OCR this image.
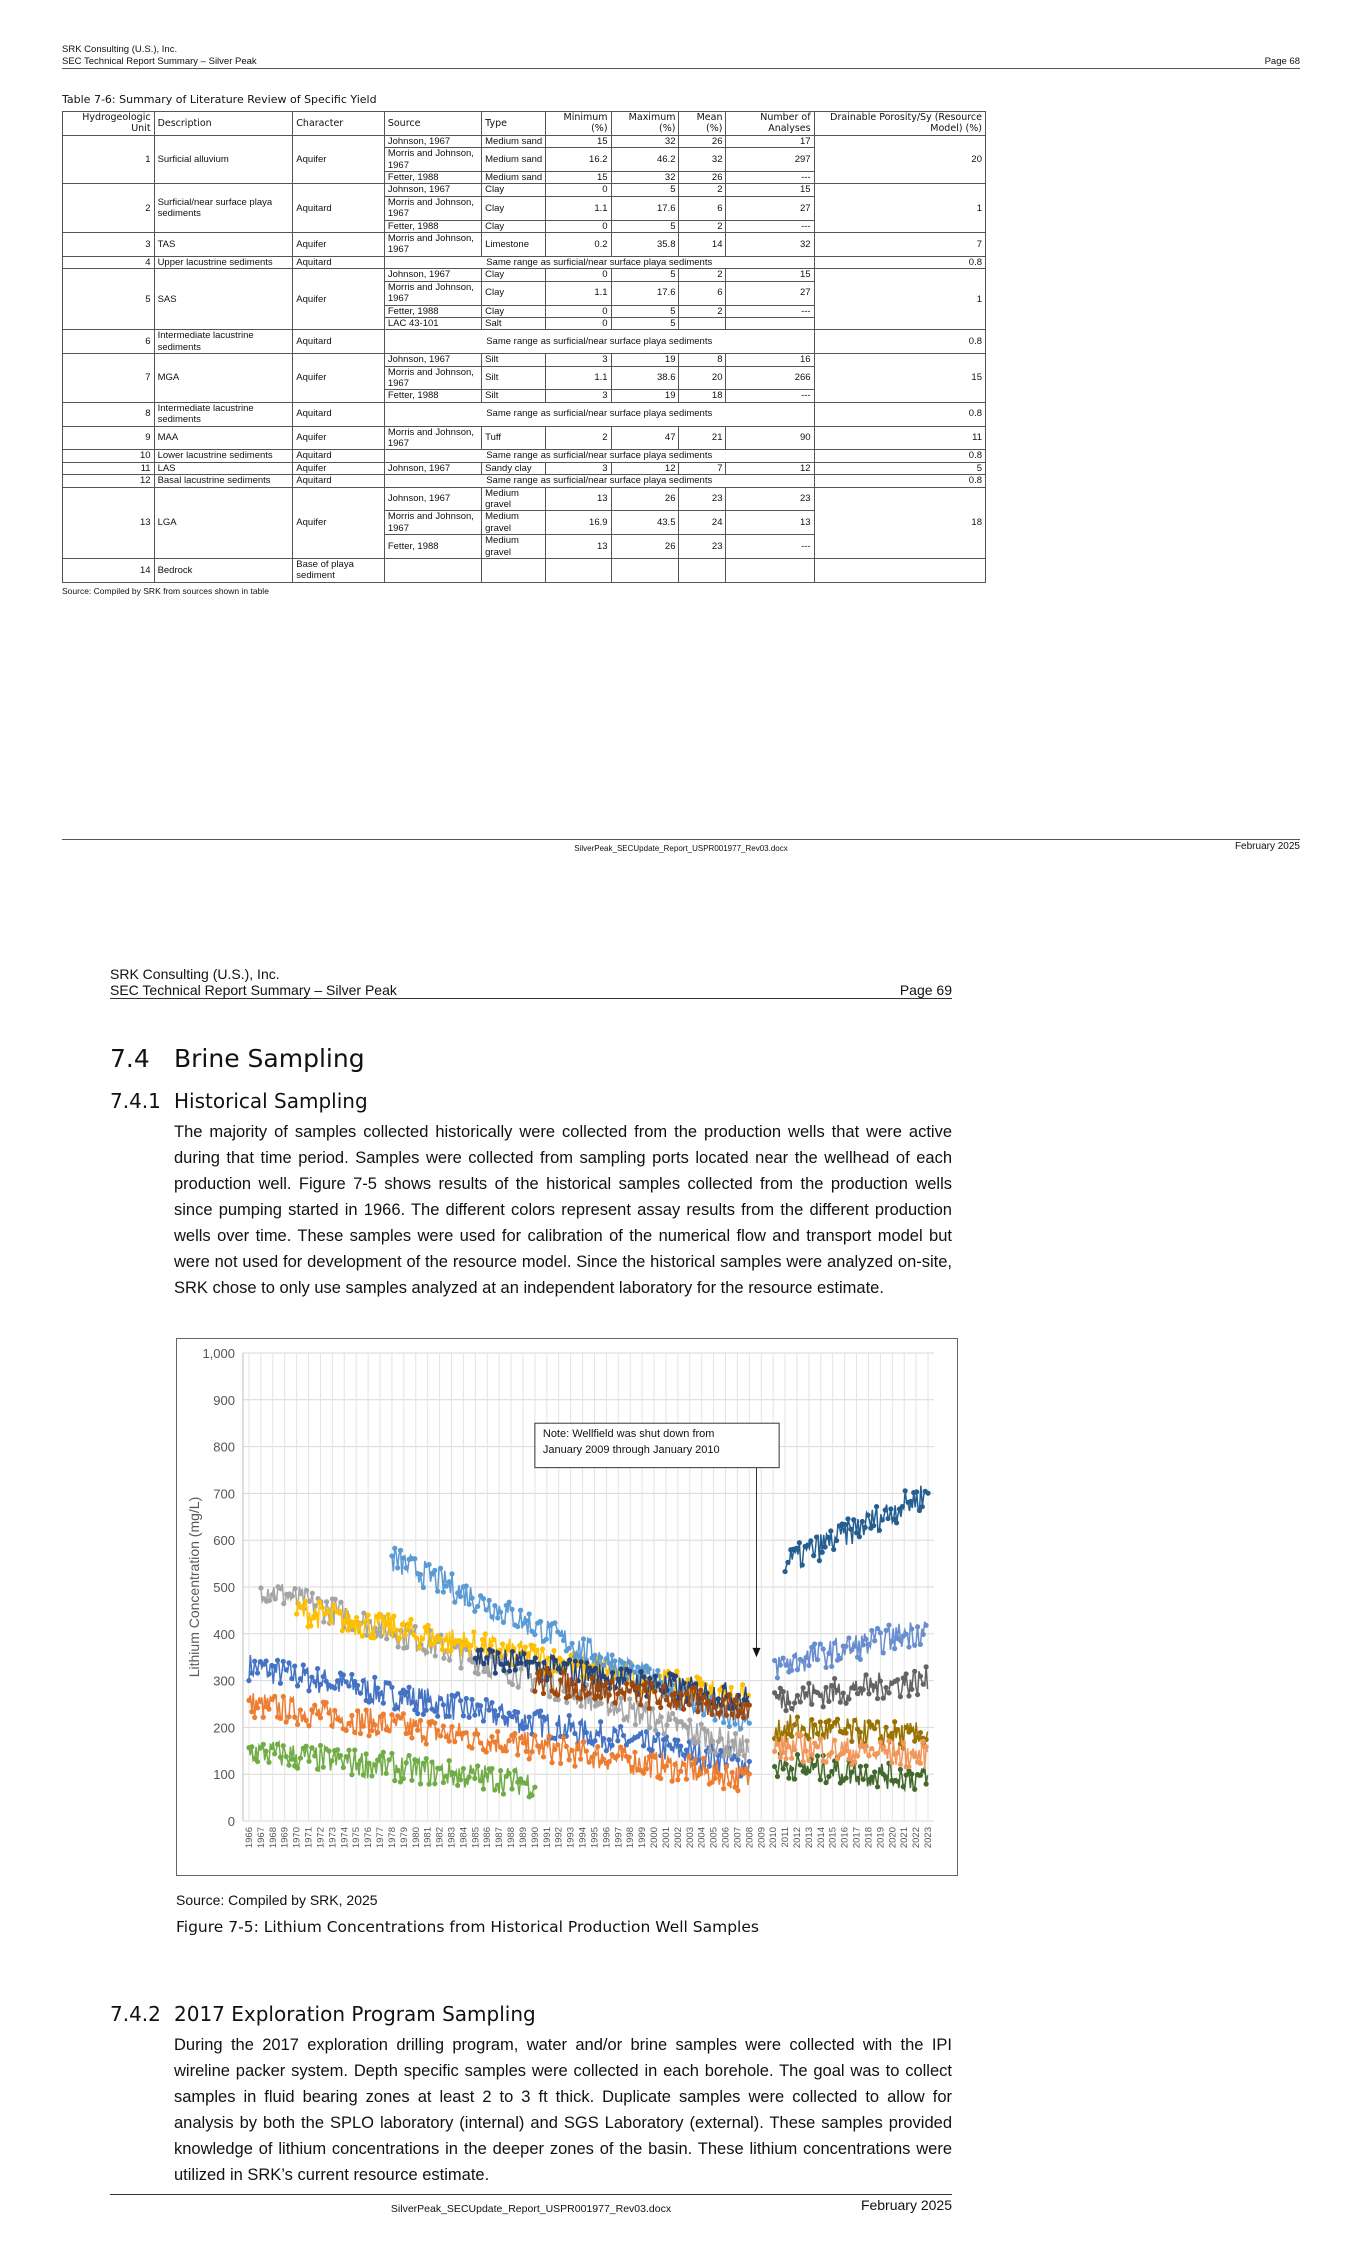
SRK Consulting (U.S.), Inc.
SEC Technical Report Summary – Silver Peak	Page 68
Table 7-6: Summary of Literature Review of Specific Yield
Hydrogeologic Unit	Description	Character	Source	Type	Minimum (%)	Maximum (%)	Mean (%)	Number of Analyses	Drainable Porosity/Sy (Resource Model) (%)
1	Surficial alluvium	Aquifer	Johnson, 1967	Medium sand	15	32	26	17	20
			Morris and Johnson, 1967	Medium sand	16.2	46.2	32	297	
			Fetter, 1988	Medium sand	15	32	26	---	
2	Surficial/near surface playa sediments	Aquitard	Johnson, 1967	Clay	0	5	2	15	1
			Morris and Johnson, 1967	Clay	1.1	17.6	6	27	
			Fetter, 1988	Clay	0	5	2	---	
3	TAS	Aquifer	Morris and Johnson, 1967	Limestone	0.2	35.8	14	32	7
4	Upper lacustrine sediments	Aquitard	Same range as surficial/near surface playa sediments						0.8
5	SAS	Aquifer	Johnson, 1967	Clay	0	5	2	15	1
			Morris and Johnson, 1967	Clay	1.1	17.6	6	27	
			Fetter, 1988	Clay	0	5	2	---	
			LAC 43-101	Salt	0	5			
6	Intermediate lacustrine sediments	Aquitard	Same range as surficial/near surface playa sediments						0.8
7	MGA	Aquifer	Johnson, 1967	Silt	3	19	8	16	15
			Morris and Johnson, 1967	Silt	1.1	38.6	20	266	
			Fetter, 1988	Silt	3	19	18	---	
8	Intermediate lacustrine sediments	Aquitard	Same range as surficial/near surface playa sediments						0.8
9	MAA	Aquifer	Morris and Johnson, 1967	Tuff	2	47	21	90	11
10	Lower lacustrine sediments	Aquitard	Same range as surficial/near surface playa sediments						0.8
11	LAS	Aquifer	Johnson, 1967	Sandy clay	3	12	7	12	5
12	Basal lacustrine sediments	Aquitard	Same range as surficial/near surface playa sediments						0.8
13	LGA	Aquifer	Johnson, 1967	Medium gravel	13	26	23	23	18
			Morris and Johnson, 1967	Medium gravel	16.9	43.5	24	13	
			Fetter, 1988	Medium gravel	13	26	23	---	
14	Bedrock	Base of playa sediment							
Source: Compiled by SRK from sources shown in table
SilverPeak_SECUpdate_Report_USPR001977_Rev03.docx	February 2025
SRK Consulting (U.S.), Inc.
SEC Technical Report Summary – Silver Peak	Page 69
7.4 Brine Sampling
7.4.1 Historical Sampling

The majority of samples collected historically were collected from the production wells that were active during that time period. Samples were collected from sampling ports located near the wellhead of each production well. Figure 7-5 shows results of the historical samples collected from the production wells since pumping started in 1966. The different colors represent assay results from the different production wells over time. These samples were used for calibration of the numerical flow and transport model but were not used for development of the resource model. Since the historical samples were analyzed on-site, SRK chose to only use samples analyzed at an independent laboratory for the resource estimate.

0
100
200
300
400
500
600
700
800
900
1,000
1966 1967 1968 1969 1970 1971 1972 1973 1974 1975 1976 1977 1978 1979 1980 1981 1982 1983 1984 1985 1986 1987 1988 1989 1990 1991 1992 1993 1994 1995 1996 1997 1998 1999 2000 2001 2002 2003 2004 2005 2006 2007 2008 2009 2010 2011 2012 2013 2014 2015 2016 2017 2018 2019 2020 2021 2022 2023
Lithium Concentration (mg/L)
Note: Wellfield was shut down from January 2009 through January 2010
Source: Compiled by SRK, 2025
Figure 7-5: Lithium Concentrations from Historical Production Well Samples
7.4.2 2017 Exploration Program Sampling

During the 2017 exploration drilling program, water and/or brine samples were collected with the IPI wireline packer system. Depth specific samples were collected in each borehole. The goal was to collect samples in fluid bearing zones at least 2 to 3 ft thick. Duplicate samples were collected to allow for analysis by both the SPLO laboratory (internal) and SGS Laboratory (external). These samples provided knowledge of lithium concentrations in the deeper zones of the basin. These lithium concentrations were utilized in SRK’s current resource estimate.

SilverPeak_SECUpdate_Report_USPR001977_Rev03.docx	February 2025
